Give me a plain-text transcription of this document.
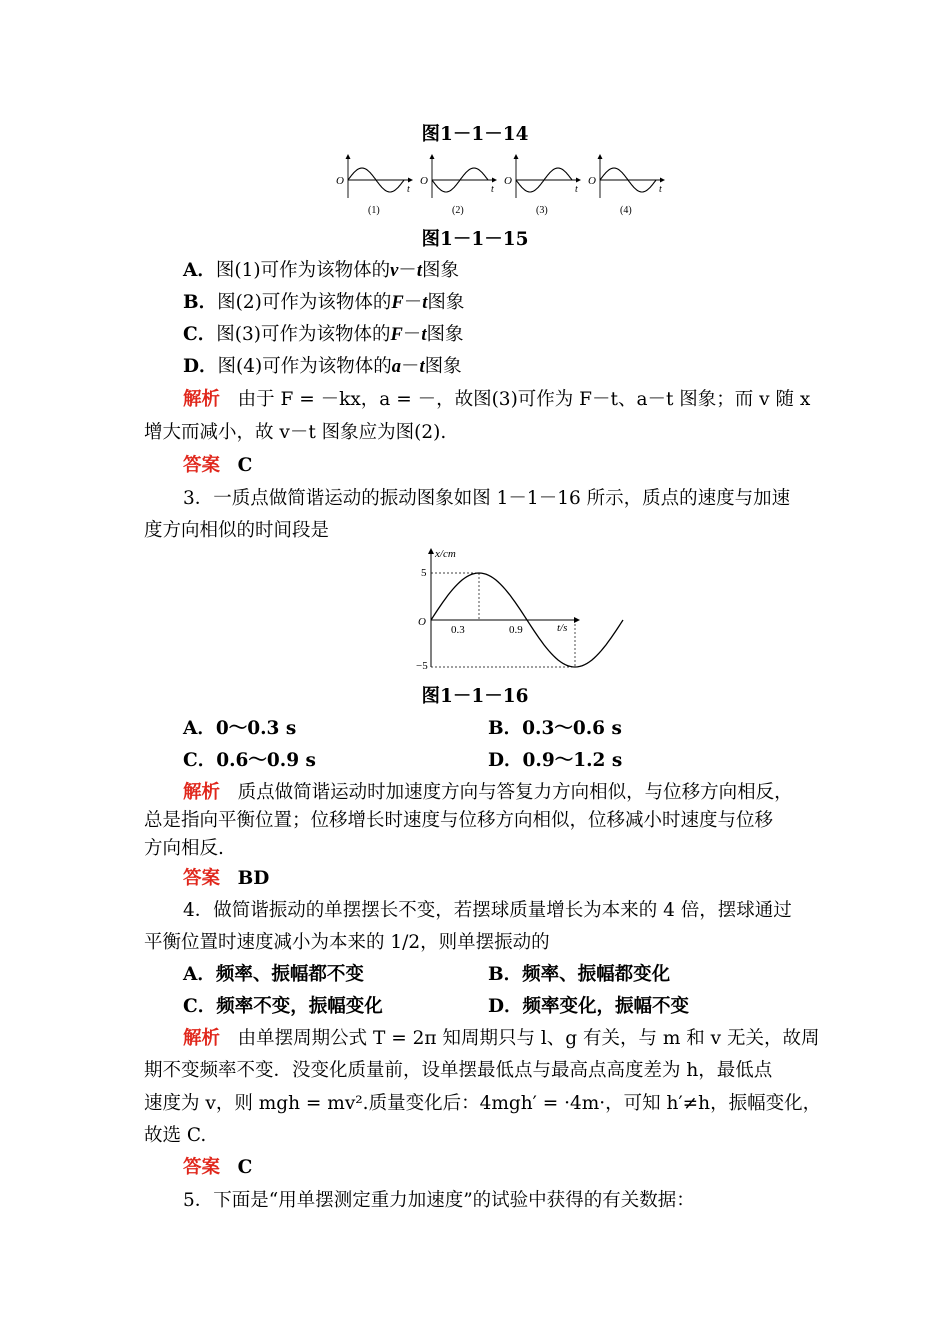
图1－1－14
O
t
(1)
O
t
(2)
O
t
(3)
O
t
(4)
图1－1－15
A．图(1)可作为该物体的v－t图象
B．图(2)可作为该物体的F－t图象
C．图(3)可作为该物体的F－t图象
D．图(4)可作为该物体的a－t图象
解析 由于 F = －kx，a = －，故图(3)可作为 F－t、a－t 图象；而 v 随 x
增大而减小，故 v－t 图象应为图(2).
答案 C
3．一质点做简谐运动的振动图象如图 1－1－16 所示，质点的速度与加速
度方向相似的时间段是
x/cm
t/s
O
5
−5
0.3	0.9
图1－1－16
A．0～0.3 s	B．0.3～0.6 s
C．0.6～0.9 s	D．0.9～1.2 s
解析 质点做简谐运动时加速度方向与答复力方向相似，与位移方向相反，
总是指向平衡位置；位移增长时速度与位移方向相似，位移减小时速度与位移
方向相反.
答案 BD
4．做简谐振动的单摆摆长不变，若摆球质量增长为本来的 4 倍，摆球通过
平衡位置时速度减小为本来的 1/2，则单摆振动的
A．频率、振幅都不变	B．频率、振幅都变化
C．频率不变，振幅变化	D．频率变化，振幅不变
解析 由单摆周期公式 T = 2π 知周期只与 l、g 有关，与 m 和 v 无关，故周
期不变频率不变．没变化质量前，设单摆最低点与最高点高度差为 h，最低点
速度为 v，则 mgh = mv².质量变化后：4mgh′ = ·4m·，可知 h′≠h，振幅变化，
故选 C.
答案 C
5．下面是“用单摆测定重力加速度”的试验中获得的有关数据：
